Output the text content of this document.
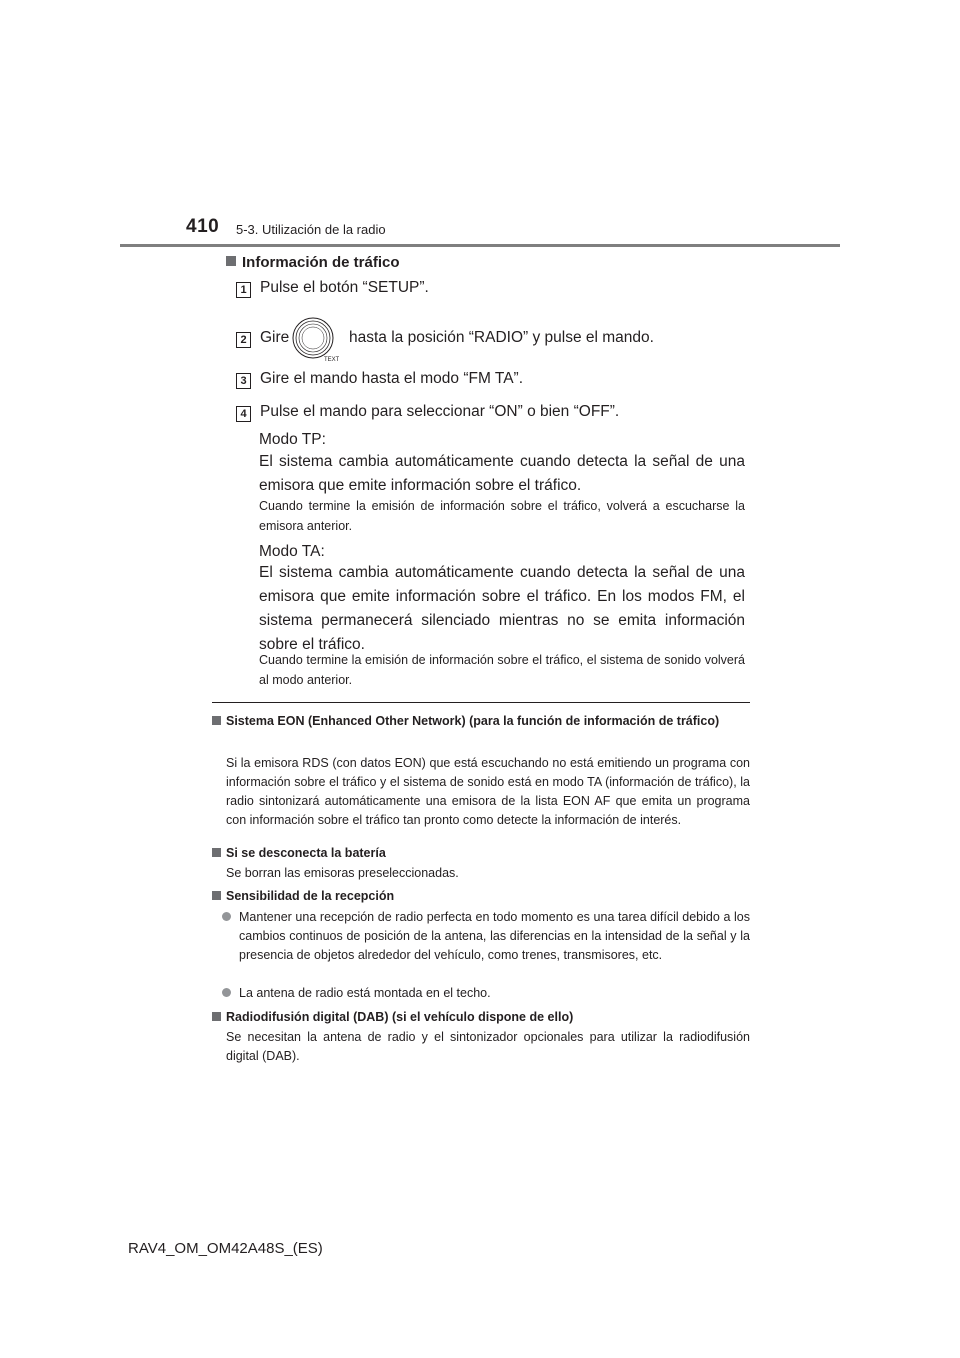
410 5-3. Utilización de la radio
Información de tráfico
1 Pulse el botón “SETUP”.
2 Gire
TEXT
hasta la posición “RADIO” y pulse el mando.
3 Gire el mando hasta el modo “FM TA”.
4 Pulse el mando para seleccionar “ON” o bien “OFF”.
Modo TP:
El sistema cambia automáticamente cuando detecta la señal de una emisora que emite información sobre el tráfico.
Cuando termine la emisión de información sobre el tráfico, volverá a escucharse la emisora anterior.
Modo TA:
El sistema cambia automáticamente cuando detecta la señal de una emisora que emite información sobre el tráfico. En los modos FM, el sistema permanecerá silenciado mientras no se emita información sobre el tráfico.
Cuando termine la emisión de información sobre el tráfico, el sistema de sonido volverá al modo anterior.
Sistema EON (Enhanced Other Network) (para la función de información de tráfico)
Si la emisora RDS (con datos EON) que está escuchando no está emitiendo un programa con información sobre el tráfico y el sistema de sonido está en modo TA (información de tráfico), la radio sintonizará automáticamente una emisora de la lista EON AF que emita un programa con información sobre el tráfico tan pronto como detecte la información de interés.
Si se desconecta la batería
Se borran las emisoras preseleccionadas.
Sensibilidad de la recepción
Mantener una recepción de radio perfecta en todo momento es una tarea difícil debido a los cambios continuos de posición de la antena, las diferencias en la intensidad de la señal y la presencia de objetos alrededor del vehículo, como trenes, transmisores, etc.
La antena de radio está montada en el techo.
Radiodifusión digital (DAB) (si el vehículo dispone de ello)
Se necesitan la antena de radio y el sintonizador opcionales para utilizar la radiodifusión digital (DAB).
RAV4_OM_OM42A48S_(ES)
